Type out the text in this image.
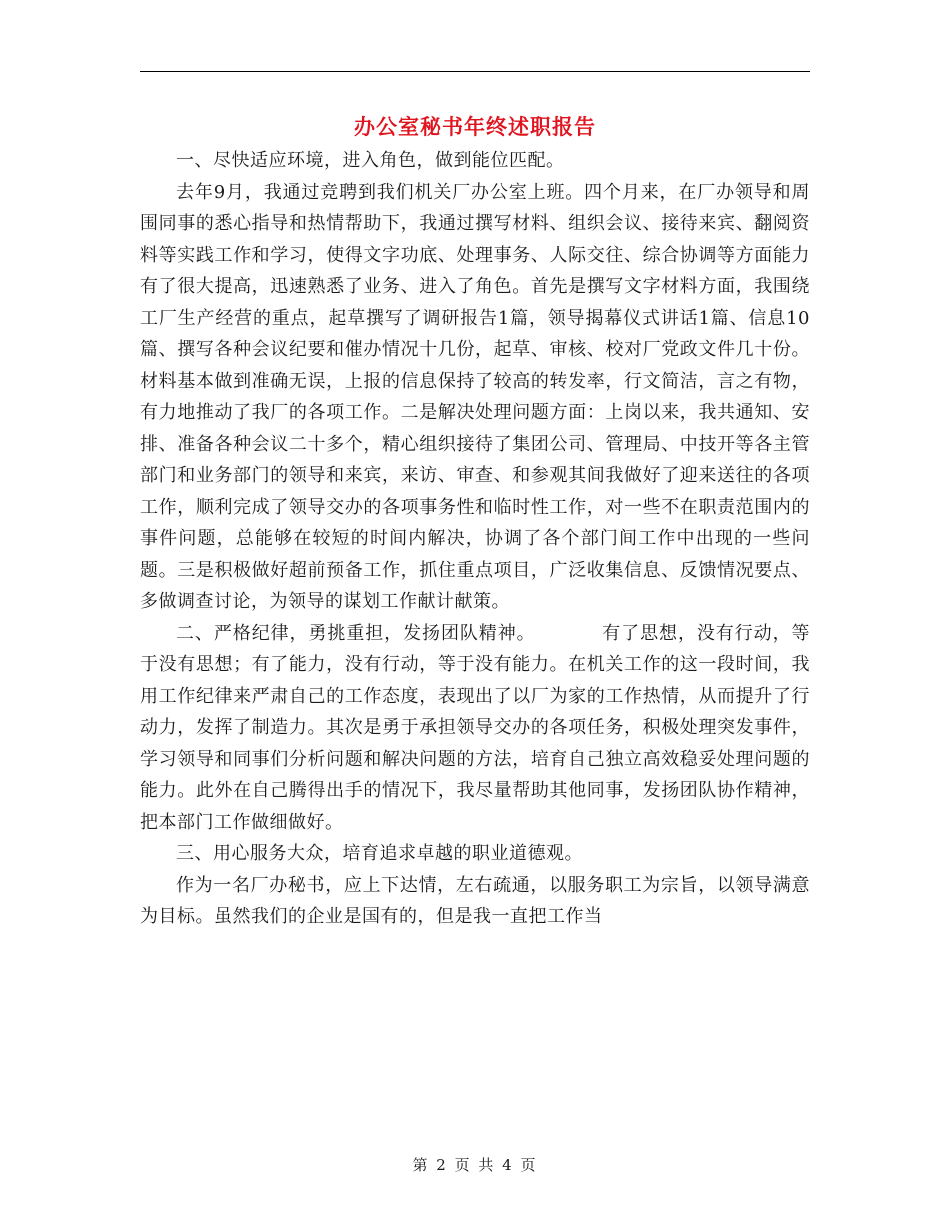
办公室秘书年终述职报告

一、尽快适应环境，进入角色，做到能位匹配。

去年9月，我通过竞聘到我们机关厂办公室上班。四个月来，在厂办领导和周围同事的悉心指导和热情帮助下，我通过撰写材料、组织会议、接待来宾、翻阅资料等实践工作和学习，使得文字功底、处理事务、人际交往、综合协调等方面能力有了很大提高，迅速熟悉了业务、进入了角色。首先是撰写文字材料方面，我围绕工厂生产经营的重点，起草撰写了调研报告1篇，领导揭幕仪式讲话1篇、信息10篇、撰写各种会议纪要和催办情况十几份，起草、审核、校对厂党政文件几十份。材料基本做到准确无误，上报的信息保持了较高的转发率，行文简洁，言之有物，有力地推动了我厂的各项工作。二是解决处理问题方面：上岗以来，我共通知、安排、准备各种会议二十多个，精心组织接待了集团公司、管理局、中技开等各主管部门和业务部门的领导和来宾，来访、审查、和参观其间我做好了迎来送往的各项工作，顺利完成了领导交办的各项事务性和临时性工作，对一些不在职责范围内的事件问题，总能够在较短的时间内解决，协调了各个部门间工作中出现的一些问题。三是积极做好超前预备工作，抓住重点项目，广泛收集信息、反馈情况要点、多做调查讨论，为领导的谋划工作献计献策。

二、严格纪律，勇挑重担，发扬团队精神。　　　　有了思想，没有行动，等于没有思想；有了能力，没有行动，等于没有能力。在机关工作的这一段时间，我用工作纪律来严肃自己的工作态度，表现出了以厂为家的工作热情，从而提升了行动力，发挥了制造力。其次是勇于承担领导交办的各项任务，积极处理突发事件，学习领导和同事们分析问题和解决问题的方法，培育自己独立高效稳妥处理问题的能力。此外在自己腾得出手的情况下，我尽量帮助其他同事，发扬团队协作精神，把本部门工作做细做好。

三、用心服务大众，培育追求卓越的职业道德观。

作为一名厂办秘书，应上下达情，左右疏通，以服务职工为宗旨，以领导满意为目标。虽然我们的企业是国有的，但是我一直把工作当

第 2 页 共 4 页
